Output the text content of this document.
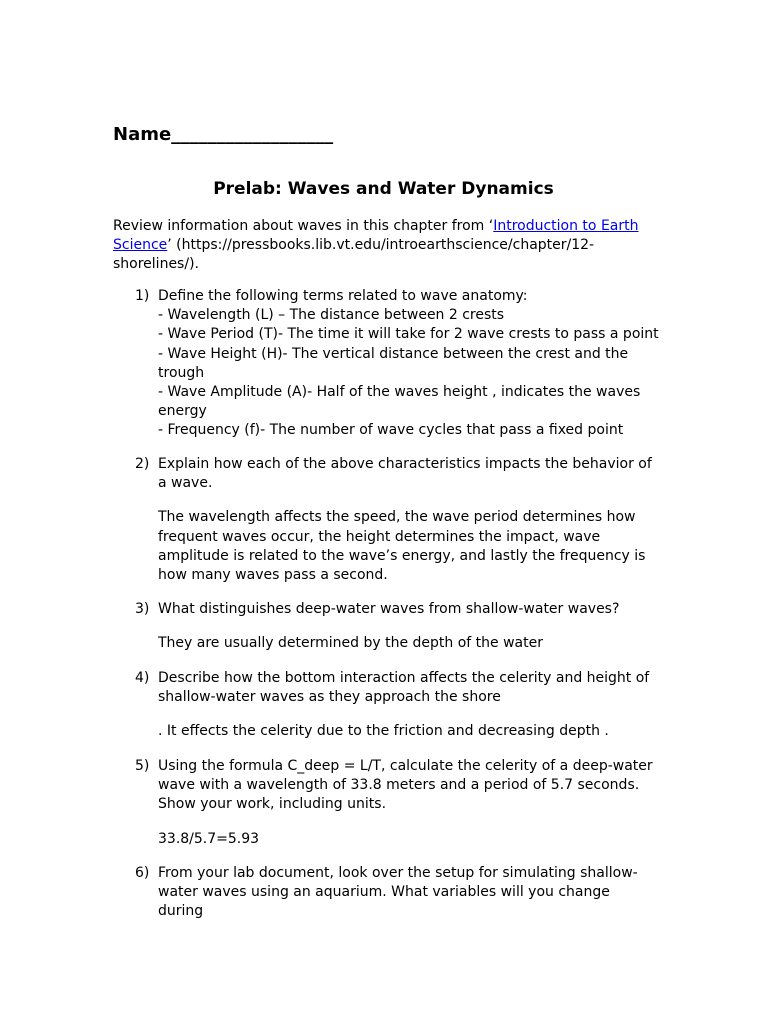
Name__________________
Prelab: Waves and Water Dynamics
Review information about waves in this chapter from ‘Introduction to Earth Science’ (https://pressbooks.lib.vt.edu/introearthscience/chapter/12-shorelines/).
1) Define the following terms related to wave anatomy:
- Wavelength (L) – The distance between 2 crests
- Wave Period (T)- The time it will take for 2 wave crests to pass a point
- Wave Height (H)- The vertical distance between the crest and the trough
- Wave Amplitude (A)- Half of the waves height , indicates the waves energy
- Frequency (f)- The number of wave cycles that pass a fixed point
2) Explain how each of the above characteristics impacts the behavior of a wave.
The wavelength affects the speed, the wave period determines how frequent waves occur, the height determines the impact, wave amplitude is related to the wave’s energy, and lastly the frequency is how many waves pass a second.
3) What distinguishes deep-water waves from shallow-water waves?
They are usually determined by the depth of the water
4) Describe how the bottom interaction affects the celerity and height of shallow-water waves as they approach the shore
. It effects the celerity due to the friction and decreasing depth .
5) Using the formula C_deep = L/T, calculate the celerity of a deep-water wave with a wavelength of 33.8 meters and a period of 5.7 seconds. Show your work, including units.
33.8/5.7=5.93
6) From your lab document, look over the setup for simulating shallow-water waves using an aquarium. What variables will you change during
